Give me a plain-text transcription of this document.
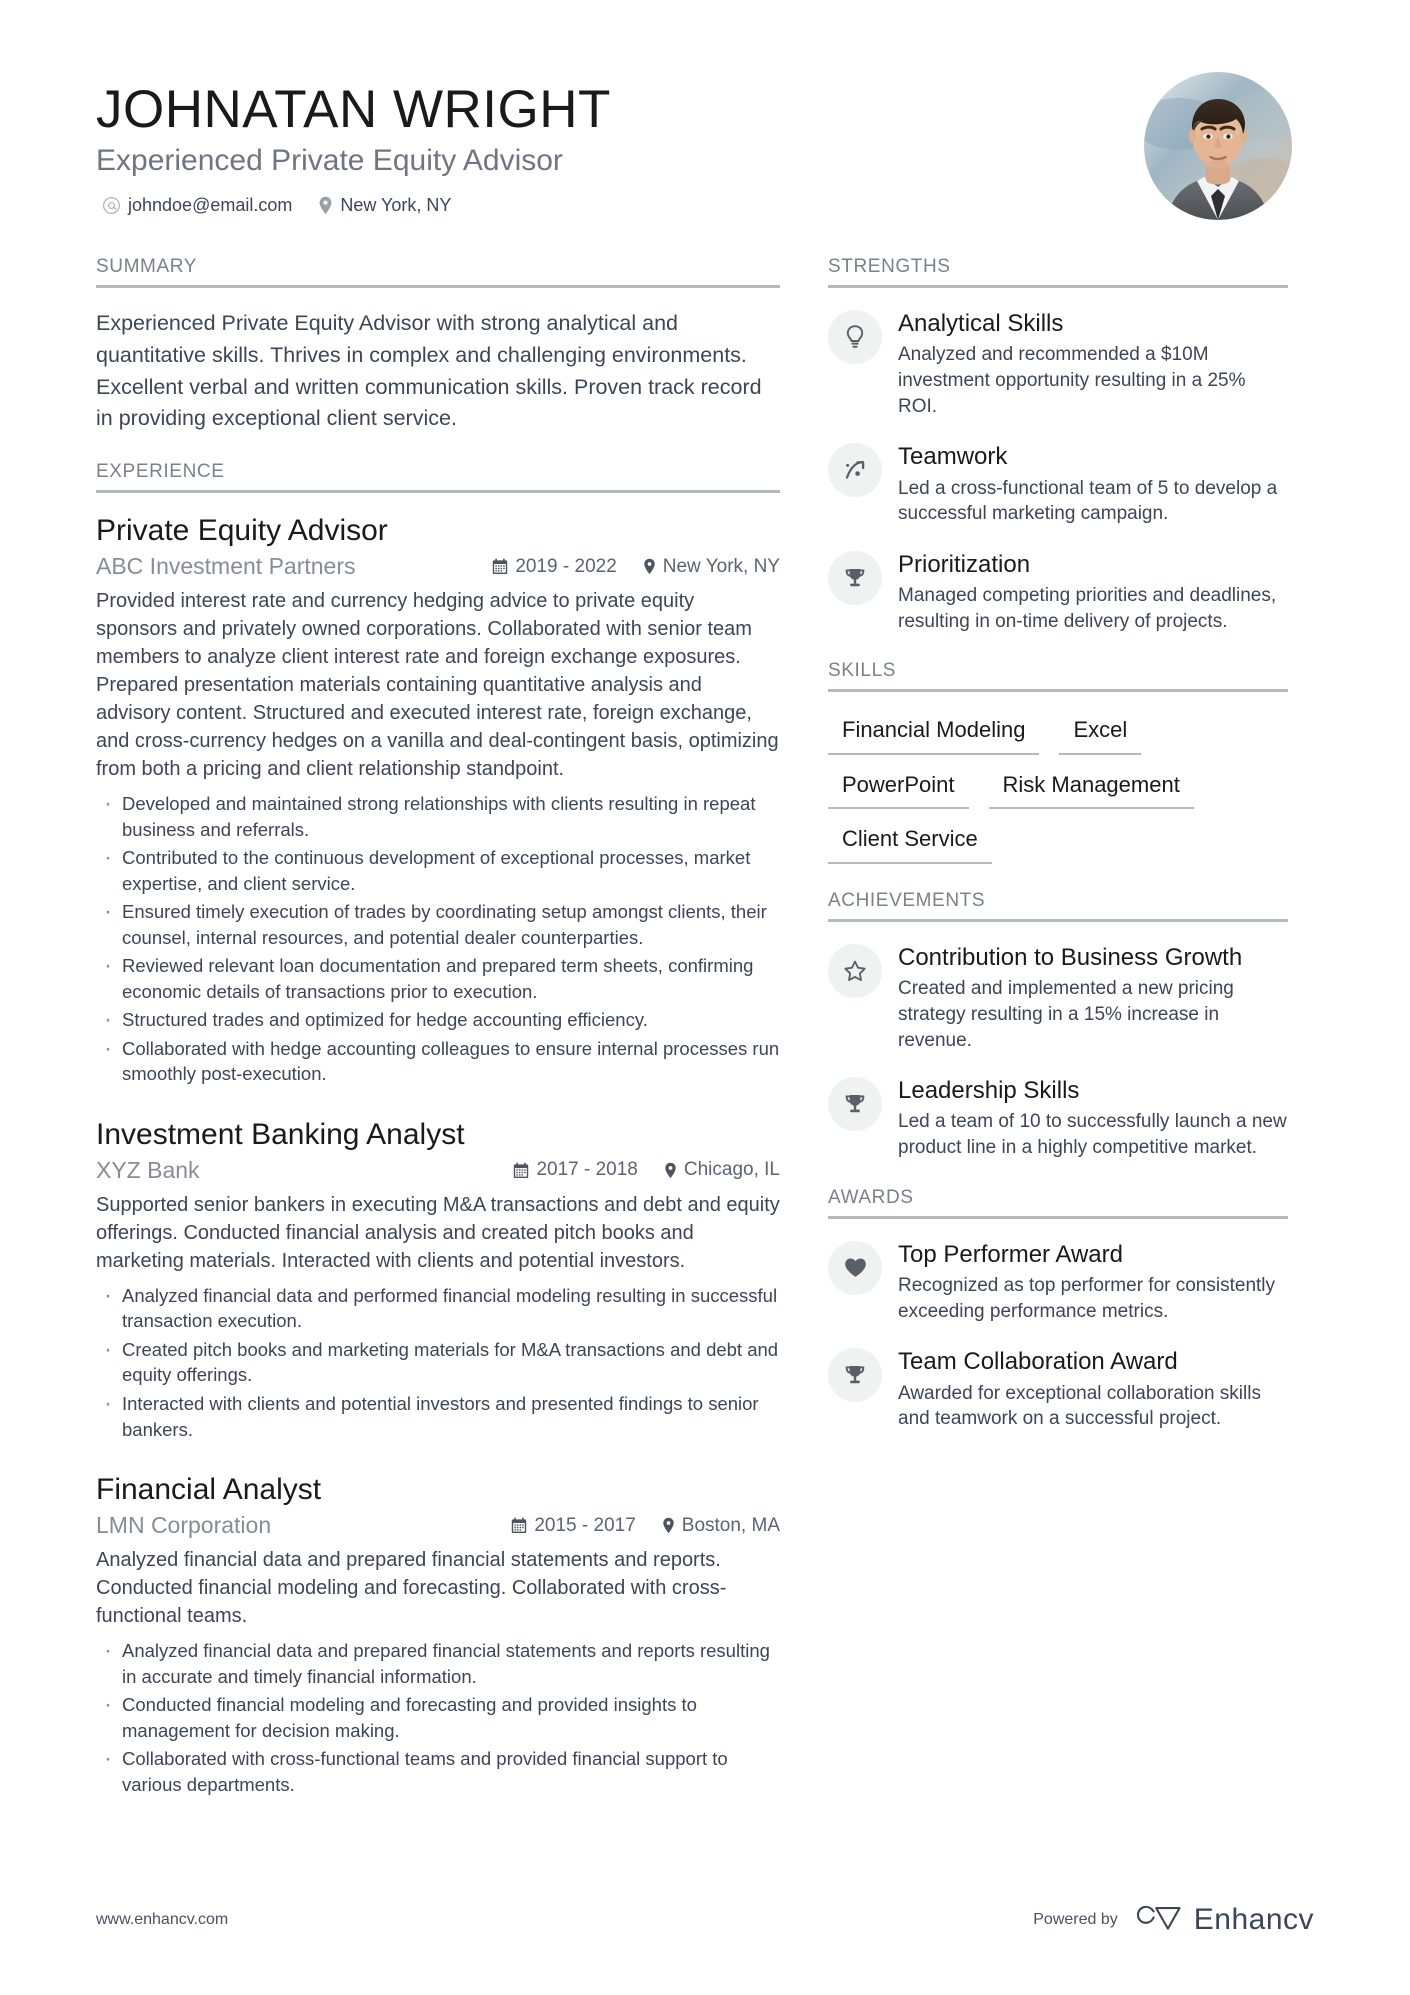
JOHNATAN WRIGHT
Experienced Private Equity Advisor
johndoe@email.com	New York, NY
SUMMARY

Experienced Private Equity Advisor with strong analytical and quantitative skills. Thrives in complex and challenging environments. Excellent verbal and written communication skills. Proven track record in providing exceptional client service.

EXPERIENCE
Private Equity Advisor
ABC Investment Partners	2019 - 2022 New York, NY

Provided interest rate and currency hedging advice to private equity sponsors and privately owned corporations. Collaborated with senior team members to analyze client interest rate and foreign exchange exposures. Prepared presentation materials containing quantitative analysis and advisory content. Structured and executed interest rate, foreign exchange, and cross-currency hedges on a vanilla and deal-contingent basis, optimizing from both a pricing and client relationship standpoint.

· Developed and maintained strong relationships with clients resulting in repeat business and referrals.
· Contributed to the continuous development of exceptional processes, market expertise, and client service.
· Ensured timely execution of trades by coordinating setup amongst clients, their counsel, internal resources, and potential dealer counterparties.
· Reviewed relevant loan documentation and prepared term sheets, confirming economic details of transactions prior to execution.
· Structured trades and optimized for hedge accounting efficiency.
· Collaborated with hedge accounting colleagues to ensure internal processes run smoothly post-execution.
Investment Banking Analyst
XYZ Bank	2017 - 2018 Chicago, IL

Supported senior bankers in executing M&A transactions and debt and equity offerings. Conducted financial analysis and created pitch books and marketing materials. Interacted with clients and potential investors.

· Analyzed financial data and performed financial modeling resulting in successful transaction execution.
· Created pitch books and marketing materials for M&A transactions and debt and equity offerings.
· Interacted with clients and potential investors and presented findings to senior bankers.
Financial Analyst
LMN Corporation	2015 - 2017 Boston, MA

Analyzed financial data and prepared financial statements and reports. Conducted financial modeling and forecasting. Collaborated with cross-functional teams.

· Analyzed financial data and prepared financial statements and reports resulting in accurate and timely financial information.
· Conducted financial modeling and forecasting and provided insights to management for decision making.
· Collaborated with cross-functional teams and provided financial support to various departments.
STRENGTHS
Analytical Skills

Analyzed and recommended a $10M investment opportunity resulting in a 25% ROI.

Teamwork

Led a cross-functional team of 5 to develop a successful marketing campaign.

Prioritization

Managed competing priorities and deadlines, resulting in on-time delivery of projects.

SKILLS
Financial Modeling	Excel
PowerPoint	Risk Management
Client Service
ACHIEVEMENTS
Contribution to Business Growth

Created and implemented a new pricing strategy resulting in a 15% increase in revenue.

Leadership Skills

Led a team of 10 to successfully launch a new product line in a highly competitive market.

AWARDS
Top Performer Award

Recognized as top performer for consistently exceeding performance metrics.

Team Collaboration Award

Awarded for exceptional collaboration skills and teamwork on a successful project.

www.enhancv.com	Powered by	Enhancv
